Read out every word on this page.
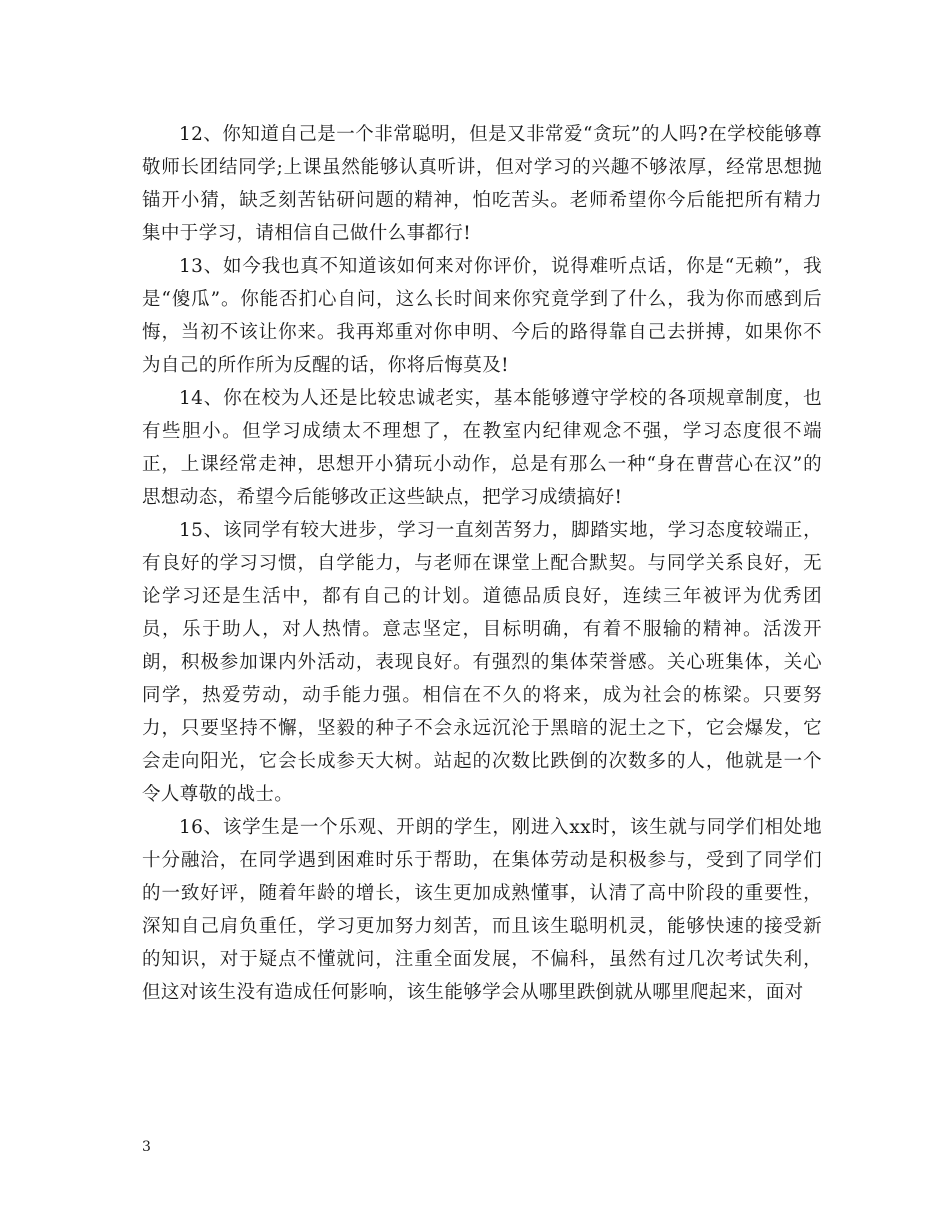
12、你知道自己是一个非常聪明，但是又非常爱“贪玩”的人吗?在学校能够尊敬师长团结同学;上课虽然能够认真听讲，但对学习的兴趣不够浓厚，经常思想抛锚开小猜，缺乏刻苦钻研问题的精神，怕吃苦头。老师希望你今后能把所有精力集中于学习，请相信自己做什么事都行!

13、如今我也真不知道该如何来对你评价，说得难听点话，你是“无赖”，我是“傻瓜”。你能否扪心自问，这么长时间来你究竟学到了什么，我为你而感到后悔，当初不该让你来。我再郑重对你申明、今后的路得靠自己去拼搏，如果你不为自己的所作所为反醒的话，你将后悔莫及!

14、你在校为人还是比较忠诚老实，基本能够遵守学校的各项规章制度，也有些胆小。但学习成绩太不理想了，在教室内纪律观念不强，学习态度很不端正，上课经常走神，思想开小猜玩小动作，总是有那么一种“身在曹营心在汉”的思想动态，希望今后能够改正这些缺点，把学习成绩搞好!

15、该同学有较大进步，学习一直刻苦努力，脚踏实地，学习态度较端正，有良好的学习习惯，自学能力，与老师在课堂上配合默契。与同学关系良好，无论学习还是生活中，都有自己的计划。道德品质良好，连续三年被评为优秀团员，乐于助人，对人热情。意志坚定，目标明确，有着不服输的精神。活泼开朗，积极参加课内外活动，表现良好。有强烈的集体荣誉感。关心班集体，关心同学，热爱劳动，动手能力强。相信在不久的将来，成为社会的栋梁。只要努力，只要坚持不懈，坚毅的种子不会永远沉沦于黑暗的泥土之下，它会爆发，它会走向阳光，它会长成参天大树。站起的次数比跌倒的次数多的人，他就是一个令人尊敬的战士。

16、该学生是一个乐观、开朗的学生，刚进入xx时，该生就与同学们相处地十分融洽，在同学遇到困难时乐于帮助，在集体劳动是积极参与，受到了同学们的一致好评，随着年龄的增长，该生更加成熟懂事，认清了高中阶段的重要性，深知自己肩负重任，学习更加努力刻苦，而且该生聪明机灵，能够快速的接受新的知识，对于疑点不懂就问，注重全面发展，不偏科，虽然有过几次考试失利，但这对该生没有造成任何影响，该生能够学会从哪里跌倒就从哪里爬起来，面对

3
